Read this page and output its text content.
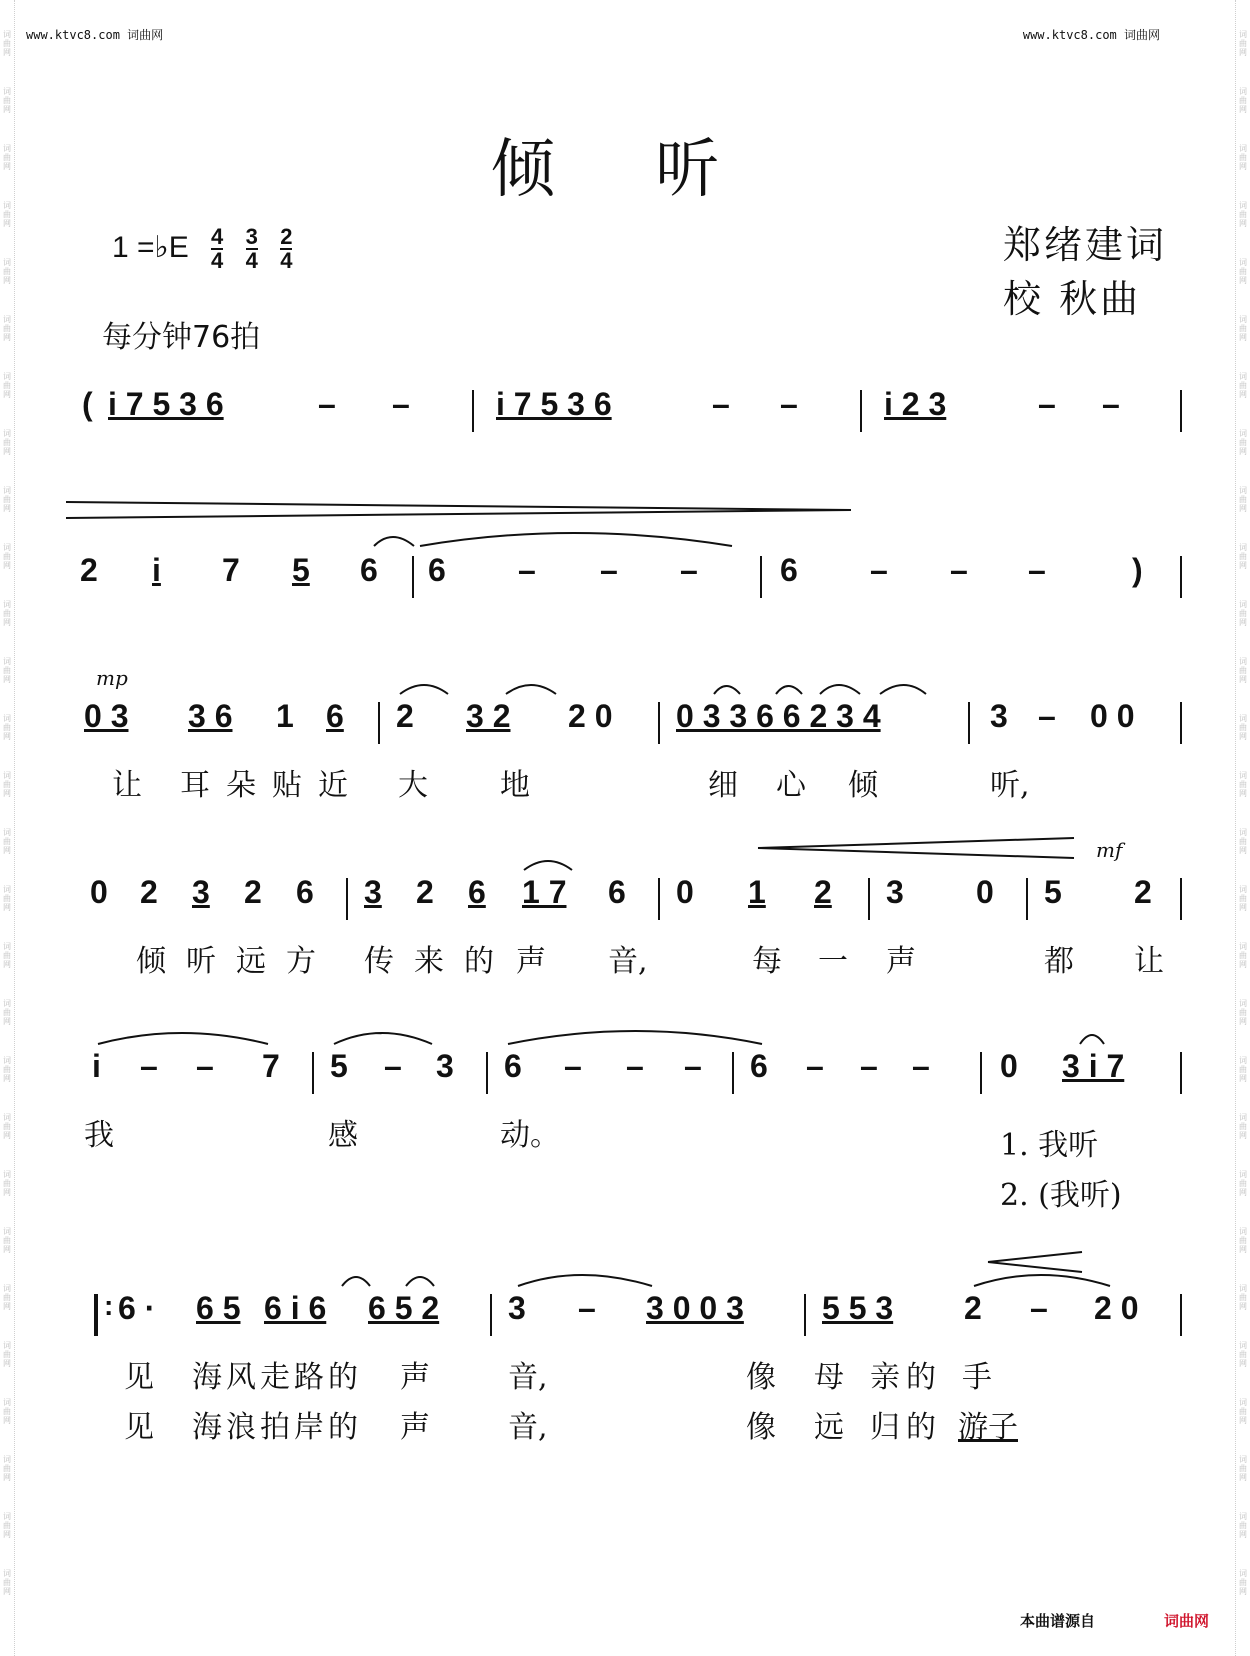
词曲网
词曲网
词曲网
词曲网
词曲网
词曲网
词曲网
词曲网
词曲网
词曲网
词曲网
词曲网
词曲网
词曲网
词曲网
词曲网
词曲网
词曲网
词曲网
词曲网
词曲网
词曲网
词曲网
词曲网
词曲网
词曲网
词曲网
词曲网
词曲网
词曲网
词曲网
词曲网
词曲网
词曲网
词曲网
词曲网
词曲网
词曲网
词曲网
词曲网
词曲网
词曲网
词曲网
词曲网
词曲网
词曲网
词曲网
词曲网
词曲网
词曲网
词曲网
词曲网
词曲网
词曲网
词曲网
词曲网
www.ktvc8.com 词曲网	www.ktvc8.com 词曲网
倾 听
1 =♭E $\frac{4}{4} \frac{3}{4} \frac{2}{4}$	郑绪建词
校 秋曲
每分钟76拍
( i 7 5 3 6	– –	i 7 5 3 6	– –	i 2 3	– –
2 i 7 5 6 6 – – –	6 – – –	)
mp
0 3 3 6 1 6 2 3 2 2 0 0 3 3 6 6 2 3 4	3 – 0 0
让 耳朵贴近 大 地	细 心 倾	听,
mf
0 2 3 2 6 3 2 6 1 7 6 0 1 2 3 0 5 2
倾听远方 传来的 声 音,	每 一 声	都 让
i – – 7 5 – 3 6 – – – 6 – – – 0 3 i 7
我	感	动。	1. 我听
2. (我听)
: 6 · 6 5 6 i 6 6 5 2 3 – 3 0 0 3 5 5 3 2 – 2 0
见 海风走路的 声	音,	像 母 亲的 手
见 海浪拍岸的 声	音,	像 远 归的 游子
本曲谱源自	词曲网
